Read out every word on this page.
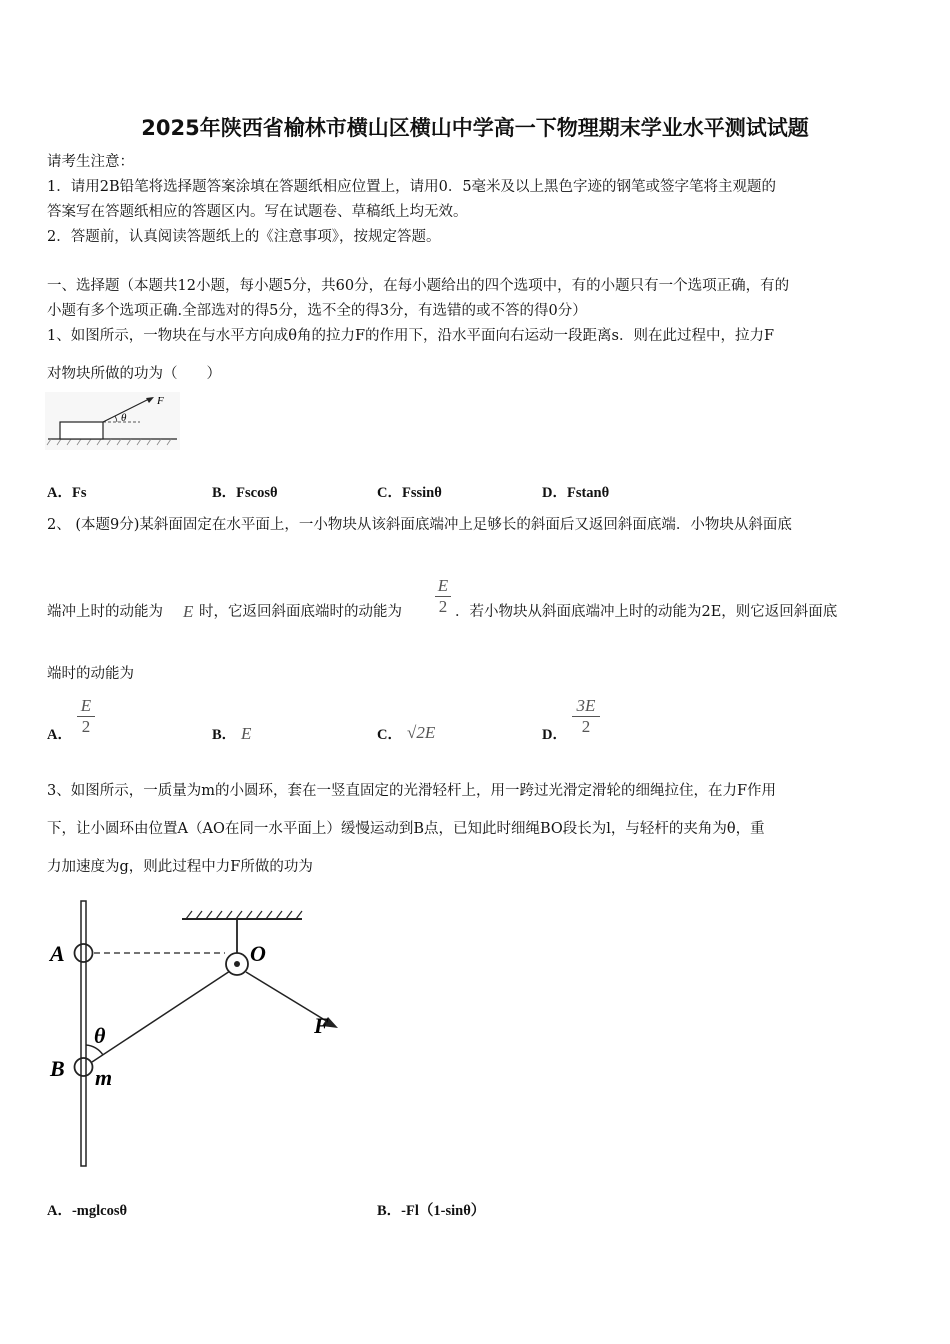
2025年陕西省榆林市横山区横山中学高一下物理期末学业水平测试试题
请考生注意：
1．请用2B铅笔将选择题答案涂填在答题纸相应位置上，请用0．5毫米及以上黑色字迹的钢笔或签字笔将主观题的
答案写在答题纸相应的答题区内。写在试题卷、草稿纸上均无效。
2．答题前，认真阅读答题纸上的《注意事项》，按规定答题。
一、选择题（本题共12小题，每小题5分，共60分，在每小题给出的四个选项中，有的小题只有一个选项正确，有的
小题有多个选项正确.全部选对的得5分，选不全的得3分，有选错的或不答的得0分）
1、如图所示，一物块在与水平方向成θ角的拉力F的作用下，沿水平面向右运动一段距离s．则在此过程中，拉力F
对物块所做的功为（　　）
F
θ
A．Fs	B．Fscosθ	C．Fssinθ	D．Fstanθ
2、 (本题9分)某斜面固定在水平面上，一小物块从该斜面底端冲上足够长的斜面后又返回斜面底端．小物块从斜面底
端冲上时的动能为 E 时，它返回斜面底端时的动能为
E
2 ．若小物块从斜面底端冲上时的动能为2E，则它返回斜面底
端时的动能为
A．
E
2	B． E	C． √2E	D．
3E
2
3、如图所示，一质量为m的小圆环，套在一竖直固定的光滑轻杆上，用一跨过光滑定滑轮的细绳拉住，在力F作用
下，让小圆环由位置A（AO在同一水平面上）缓慢运动到B点，已知此时细绳BO段长为l，与轻杆的夹角为θ，重
力加速度为g，则此过程中力F所做的功为
A	O
F
θ
B m
A．-mglcosθ	B．-Fl（1-sinθ）
